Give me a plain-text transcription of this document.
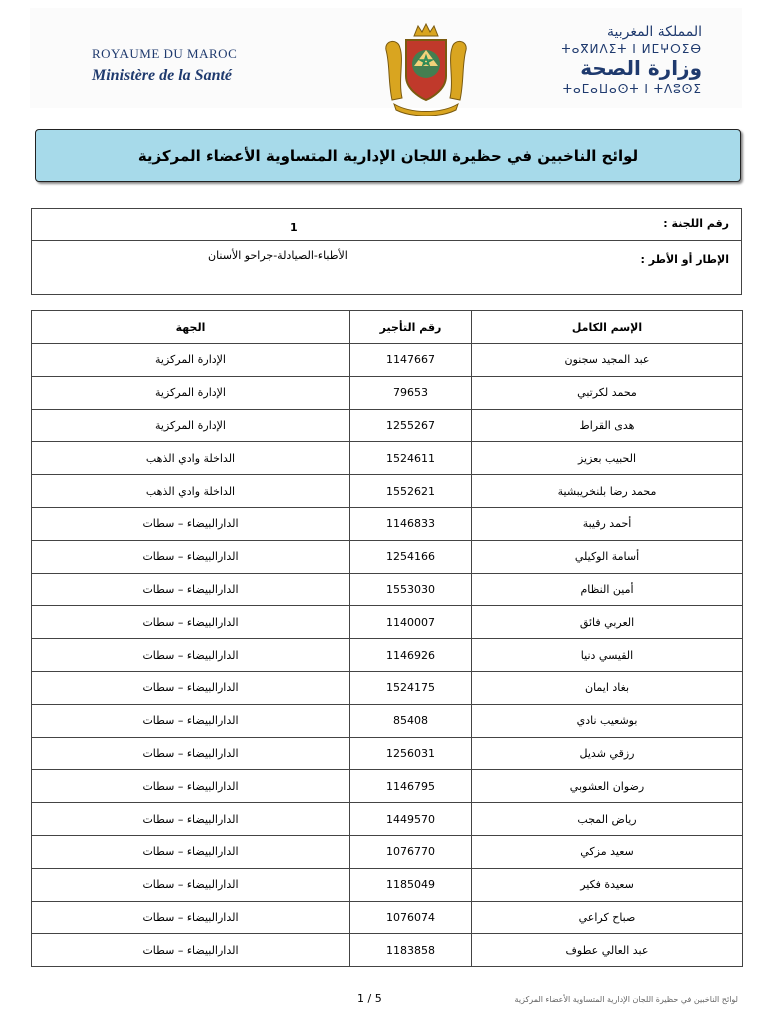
ROYAUME DU MAROC
Ministère de la Santé
المملكة المغربية
ⵜⴰⴳⵍⴷⵉⵜ ⵏ ⵍⵎⵖⵔⵉⴱ
وزارة الصحة
ⵜⴰⵎⴰⵡⴰⵙⵜ ⵏ ⵜⴷⵓⵙⵉ
لوائح الناخبين في حظيرة اللجان الإدارية المتساوية الأعضاء المركزية
رقم اللجنة :
1
الإطار أو الأطر :
الأطباء-الصيادلة-جراحو الأسنان
الإسم الكامل	رقم التأجير	الجهة
عبد المجيد سجنون	1147667	الإدارة المركزية
محمد لكرتبي	79653	الإدارة المركزية
هدى القراط	1255267	الإدارة المركزية
الحبيب بعزيز	1524611	الداخلة وادي الذهب
محمد رضا بلنخريبشية	1552621	الداخلة وادي الذهب
أحمد رقيبة	1146833	الدارالبيضاء – سطات
أسامة الوكيلي	1254166	الدارالبيضاء – سطات
أمين النظام	1553030	الدارالبيضاء – سطات
العربي فائق	1140007	الدارالبيضاء – سطات
القيسي دنيا	1146926	الدارالبيضاء – سطات
بغاد ايمان	1524175	الدارالبيضاء – سطات
بوشعيب نادي	85408	الدارالبيضاء – سطات
رزقي شديل	1256031	الدارالبيضاء – سطات
رضوان العشوبي	1146795	الدارالبيضاء – سطات
رياض المجب	1449570	الدارالبيضاء – سطات
سعيد مزكي	1076770	الدارالبيضاء – سطات
سعيدة فكير	1185049	الدارالبيضاء – سطات
صباح كراعي	1076074	الدارالبيضاء – سطات
عبد العالي عطوف	1183858	الدارالبيضاء – سطات
1 / 5	لوائح الناخبين في حظيرة اللجان الإدارية المتساوية الأعضاء المركزية
